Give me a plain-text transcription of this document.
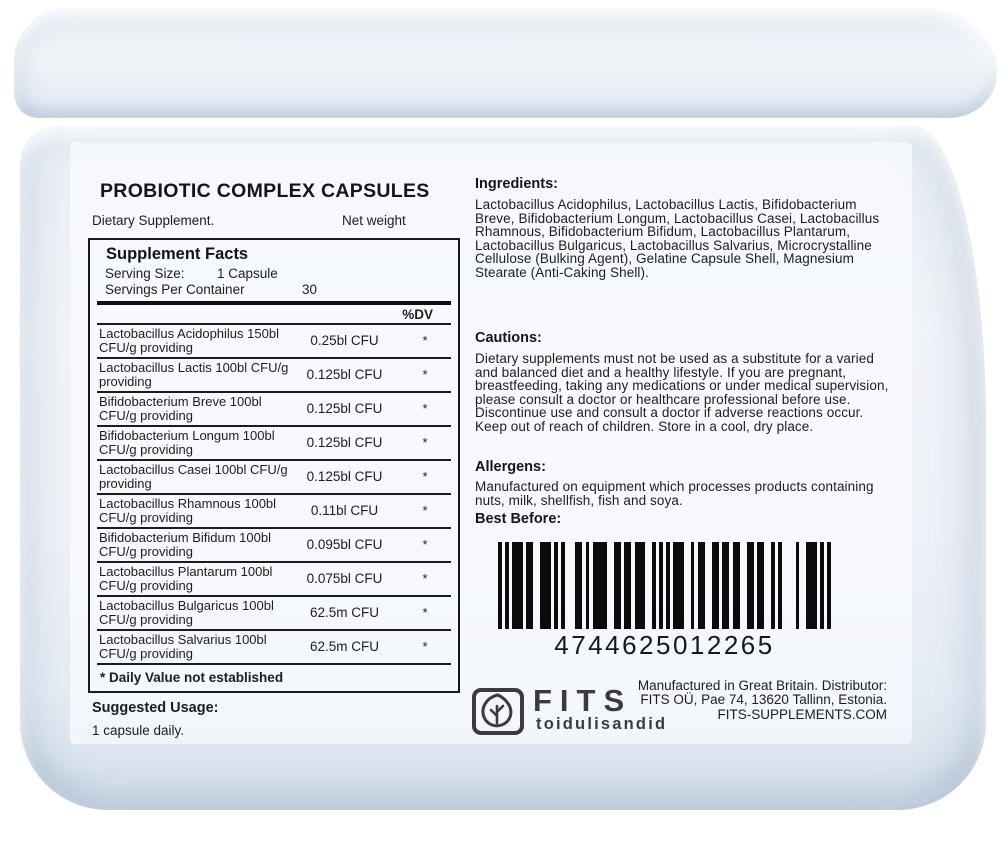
PROBIOTIC COMPLEX CAPSULES
Dietary Supplement.	Net weight
Supplement Facts
Serving Size: 1 Capsule
Servings Per Container	30
%DV
Lactobacillus Acidophilus 150bl CFU/g providing	0.25bl CFU	*
Lactobacillus Lactis 100bl CFU/g providing	0.125bl CFU	*
Bifidobacterium Breve 100bl CFU/g providing	0.125bl CFU	*
Bifidobacterium Longum 100bl CFU/g providing	0.125bl CFU	*
Lactobacillus Casei 100bl CFU/g providing	0.125bl CFU	*
Lactobacillus Rhamnous 100bl CFU/g providing	0.11bl CFU	*
Bifidobacterium Bifidum 100bl CFU/g providing	0.095bl CFU	*
Lactobacillus Plantarum 100bl CFU/g providing	0.075bl CFU	*
Lactobacillus Bulgaricus 100bl CFU/g providing	62.5m CFU	*
Lactobacillus Salvarius 100bl CFU/g providing	62.5m CFU	*
* Daily Value not established
Suggested Usage:
1 capsule daily.
Ingredients:
Lactobacillus Acidophilus, Lactobacillus Lactis, Bifidobacterium Breve, Bifidobacterium Longum, Lactobacillus Casei, Lactobacillus Rhamnous, Bifidobacterium Bifidum, Lactobacillus Plantarum, Lactobacillus Bulgaricus, Lactobacillus Salvarius, Microcrystalline Cellulose (Bulking Agent), Gelatine Capsule Shell, Magnesium Stearate (Anti-Caking Shell).
Cautions:
Dietary supplements must not be used as a substitute for a varied and balanced diet and a healthy lifestyle. If you are pregnant, breastfeeding, taking any medications or under medical supervision, please consult a doctor or healthcare professional before use. Discontinue use and consult a doctor if adverse reactions occur. Keep out of reach of children. Store in a cool, dry place.
Allergens:
Manufactured on equipment which processes products containing nuts, milk, shellfish, fish and soya.
Best Before:
4744625012265
FITS
toidulisandid
Manufactured in Great Britain. Distributor: FITS OÜ, Pae 74, 13620 Tallinn, Estonia. FITS-SUPPLEMENTS.COM
